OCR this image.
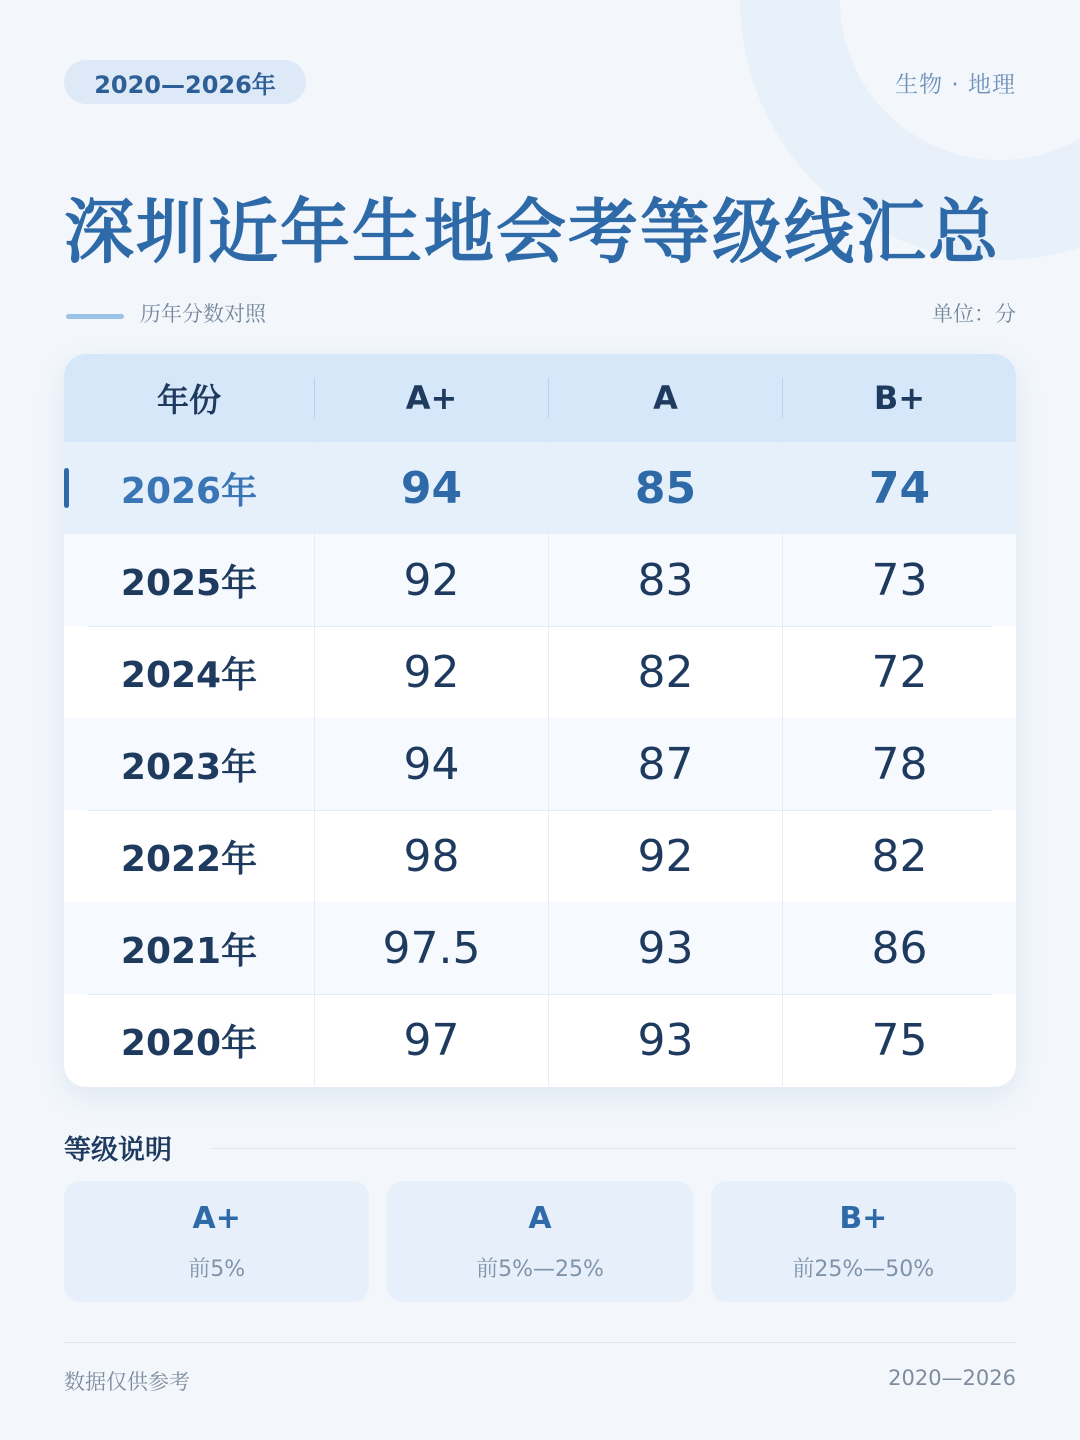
2020—2026年	生物 · 地理
深圳近年生地会考等级线汇总
历年分数对照	单位：分
年份	A+	A	B+
2026年	94	85	74
2025年	92	83	73
2024年	92	82	72
2023年	94	87	78
2022年	98	92	82
2021年	97.5	93	86
2020年	97	93	75
等级说明
A+
前5%
A
前5%—25%
B+
前25%—50%
数据仅供参考	2020—2026
